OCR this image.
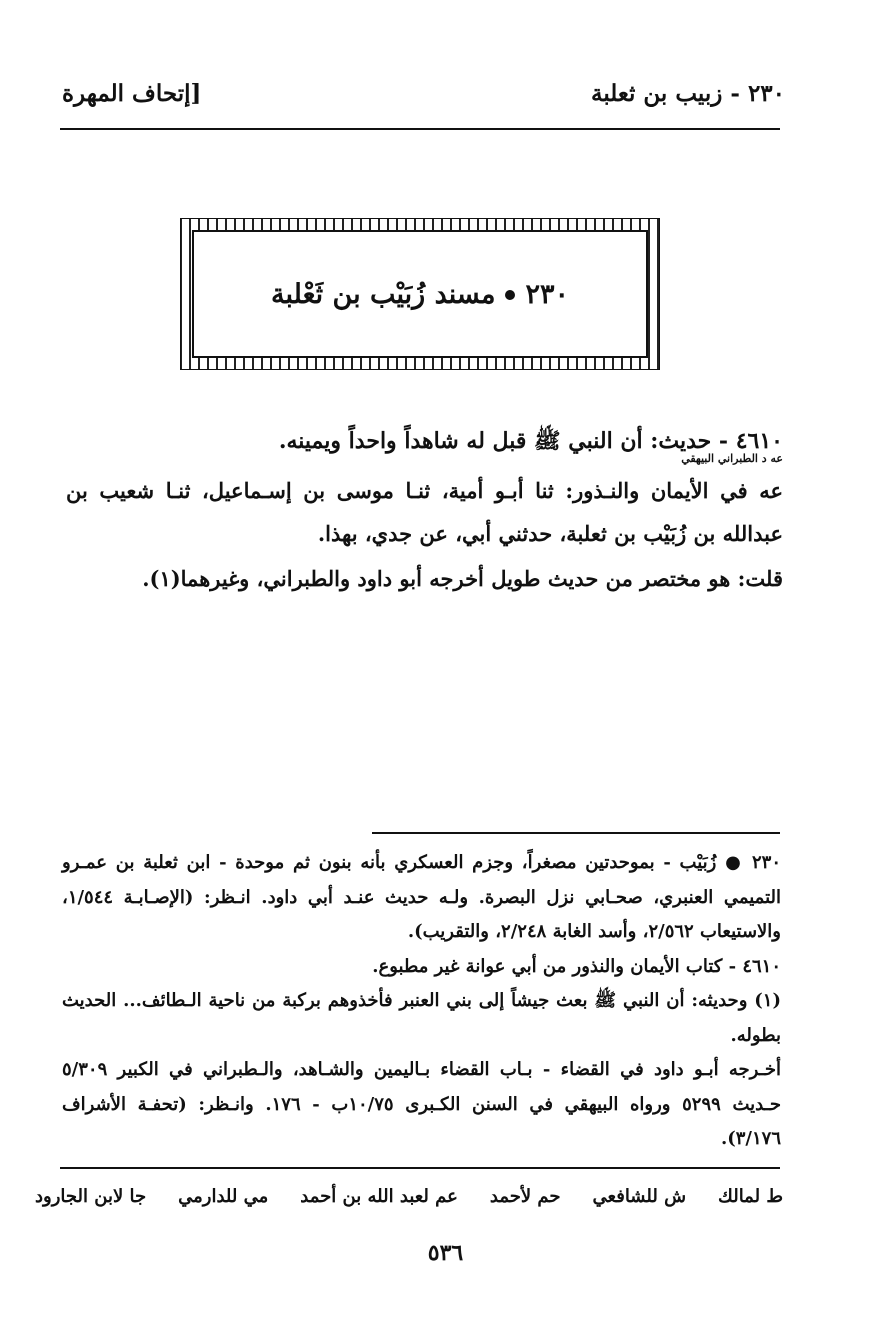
٢٣٠ - زبيب بن ثعلبة
[إتحاف المهرة
٢٣٠مسند زُبَيْب بن ثَعْلبة
عه د الطبراني البيهقي

٤٦١٠ - حديث: أن النبي ﷺ قبل له شاهداً واحداً ويمينه.

عه في الأيمان والنـذور: ثنا أبـو أمية، ثنـا موسى بن إسـماعيل، ثنـا شعيب بن عبدالله بن زُبَيْب بن ثعلبة، حدثني أبي، عن جدي، بهذا.

قلت: هو مختصر من حديث طويل أخرجه أبو داود والطبراني، وغيرهما(١).

٢٣٠ ● زُبَيْب - بموحدتين مصغراً، وجزم العسكري بأنه بنون ثم موحدة - ابن ثعلبة بن عمـرو التميمي العنبري، صحـابي نزل البصرة. ولـه حديث عنـد أبي داود. انـظر: (الإصـابـة ١/٥٤٤، والاستيعاب ٢/٥٦٢، وأسد الغابة ٢/٢٤٨، والتقريب).

٤٦١٠ - كتاب الأيمان والنذور من أبي عوانة غير مطبوع.

(١) وحديثه: أن النبي ﷺ بعث جيشاً إلى بني العنبر فأخذوهم بركبة من ناحية الـطائف... الحديث بطوله.

أخـرجه أبـو داود في القضاء - بـاب القضاء بـاليمين والشـاهد، والـطبراني في الكبير ٥/٣٠٩ حـديث ٥٢٩٩ ورواه البيهقي في السنن الكـبرى ١٠/٧٥ب - ١٧٦. وانـظر: (تحفـة الأشراف ٣/١٧٦).

ط لمالك
ش للشافعي
حم لأحمد
عم لعبد الله بن أحمد
مي للدارمي
جا لابن الجارود
٥٣٦
